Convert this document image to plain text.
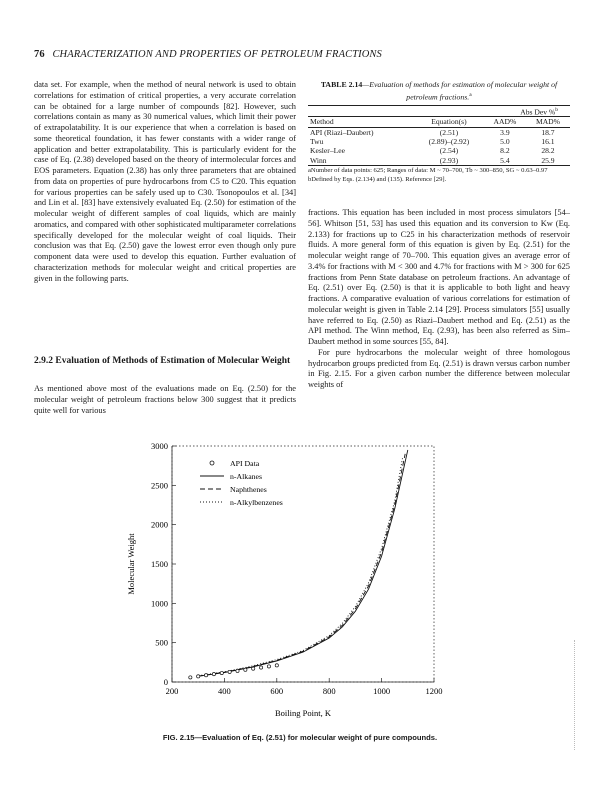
76 CHARACTERIZATION AND PROPERTIES OF PETROLEUM FRACTIONS

data set. For example, when the method of neural network is used to obtain correlations for estimation of critical properties, a very accurate correlation can be obtained for a large number of compounds [82]. However, such correlations contain as many as 30 numerical values, which limit their power of extrapolatability. It is our experience that when a correlation is based on some theoretical foundation, it has fewer constants with a wider range of application and better extrapolatability. This is particularly evident for the case of Eq. (2.38) developed based on the theory of intermolecular forces and EOS parameters. Equation (2.38) has only three parameters that are obtained from data on properties of pure hydrocarbons from C5 to C20. This equation for various properties can be safely used up to C30. Tsonopoulos et al. [34] and Lin et al. [83] have extensively evaluated Eq. (2.50) for estimation of the molecular weight of different samples of coal liquids, which are mainly aromatics, and compared with other sophisticated multiparameter correlations specifically developed for the molecular weight of coal liquids. Their conclusion was that Eq. (2.50) gave the lowest error even though only pure component data were used to develop this equation. Further evaluation of characterization methods for molecular weight and critical properties are given in the following parts.

2.9.2 Evaluation of Methods of Estimation of Molecular Weight

As mentioned above most of the evaluations made on Eq. (2.50) for the molecular weight of petroleum fractions below 300 suggest that it predicts quite well for various

TABLE 2.14—Evaluation of methods for estimation of molecular weight of petroleum fractions.$^a$
		Abs Dev %$^b$
Method	Equation(s)	AAD%	MAD%
API (Riazi–Daubert)	(2.51)	3.9	18.7
Twu	(2.89)–(2.92)	5.0	16.1
Kesler–Lee	(2.54)	8.2	28.2
Winn	(2.93)	5.4	25.9
aNumber of data points: 625; Ranges of data: M ~ 70–700, Tb ~ 300–850, SG ~ 0.63–0.97
bDefined by Eqs. (2.134) and (135). Reference [29].

fractions. This equation has been included in most process simulators [54–56]. Whitson [51, 53] has used this equation and its conversion to Kw (Eq. 2.133) for fractions up to C25 in his characterization methods of reservoir fluids. A more general form of this equation is given by Eq. (2.51) for the molecular weight range of 70–700. This equation gives an average error of 3.4% for fractions with M < 300 and 4.7% for fractions with M > 300 for 625 fractions from Penn State database on petroleum fractions. An advantage of Eq. (2.51) over Eq. (2.50) is that it is applicable to both light and heavy fractions. A comparative evaluation of various correlations for estimation of molecular weight is given in Table 2.14 [29]. Process simulators [55] usually have referred to Eq. (2.50) as Riazi–Daubert method and Eq. (2.51) as the API method. The Winn method, Eq. (2.93), has been also referred as Sim–Daubert method in some sources [55, 84].

For pure hydrocarbons the molecular weight of three homologous hydrocarbon groups predicted from Eq. (2.51) is drawn versus carbon number in Fig. 2.15. For a given carbon number the difference between molecular weights of

200	400	600	800	1000	1200
0
500
1000
1500
2000
2500
3000
Boiling Point, K
Molecular Weight
API Data
n-Alkanes
Naphthenes
n-Alkylbenzenes
FIG. 2.15—Evaluation of Eq. (2.51) for molecular weight of pure compounds.
